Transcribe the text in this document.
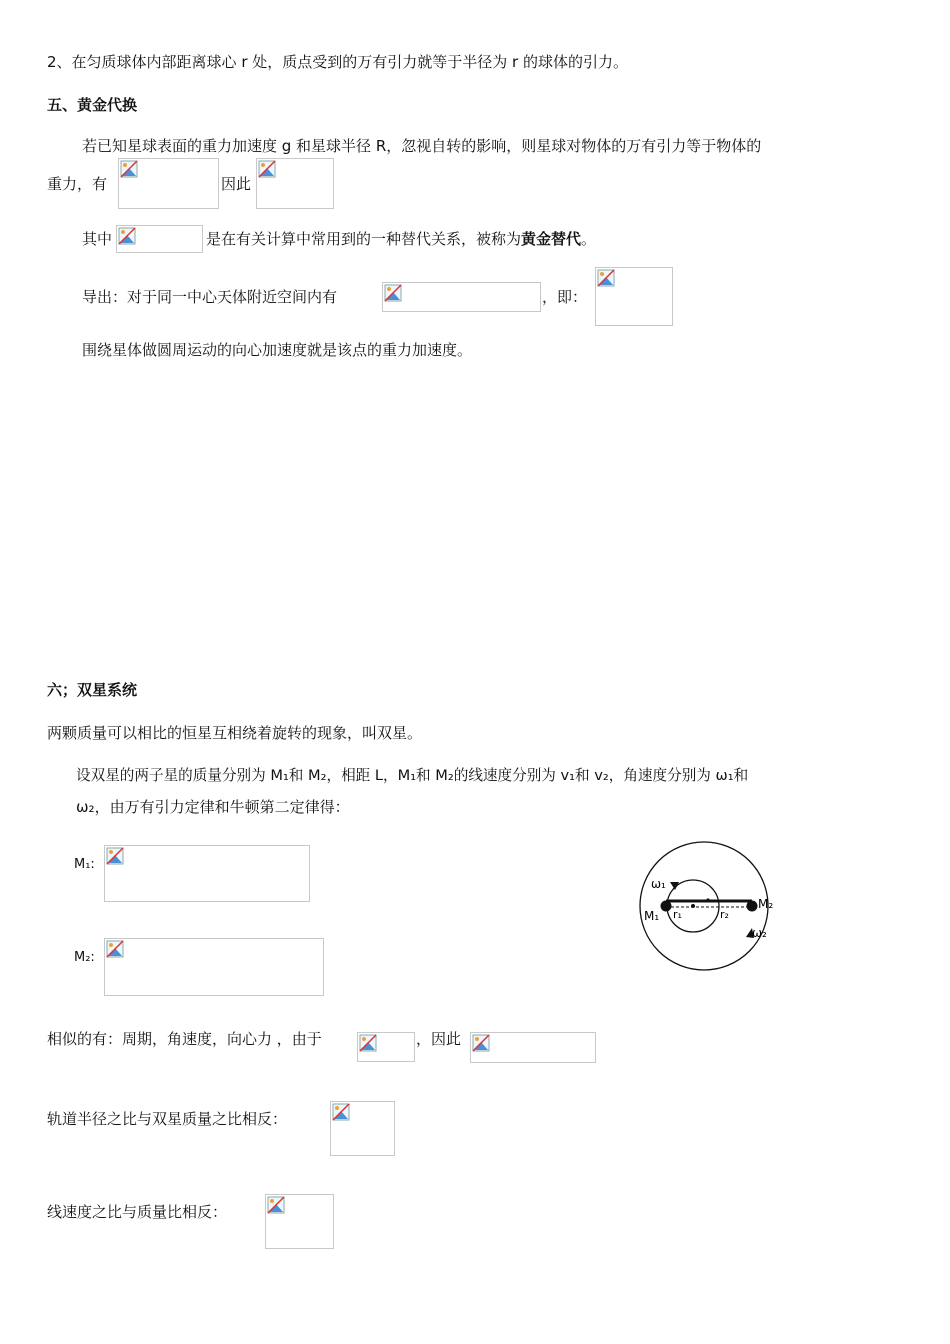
2、在匀质球体内部距离球心 r 处，质点受到的万有引力就等于半径为 r 的球体的引力。
五、黄金代换
若已知星球表面的重力加速度 g 和星球半径 R，忽视自转的影响，则星球对物体的万有引力等于物体的
重力，有	因此
其中	是在有关计算中常用到的一种替代关系，被称为黄金替代。
导出：对于同一中心天体附近空间内有	，即：
围绕星体做圆周运动的向心加速度就是该点的重力加速度。
六；双星系统
两颗质量可以相比的恒星互相绕着旋转的现象，叫双星。
设双星的两子星的质量分别为 M₁和 M₂，相距 L，M₁和 M₂的线速度分别为 v₁和 v₂，角速度分别为 ω₁和
ω₂，由万有引力定律和牛顿第二定律得：
M₁:
M₂:
ω₁
ω₂
M₁
M₂
r₁	r₂
相似的有：周期，角速度，向心力 ，由于	，因此
轨道半径之比与双星质量之比相反：
线速度之比与质量比相反：
